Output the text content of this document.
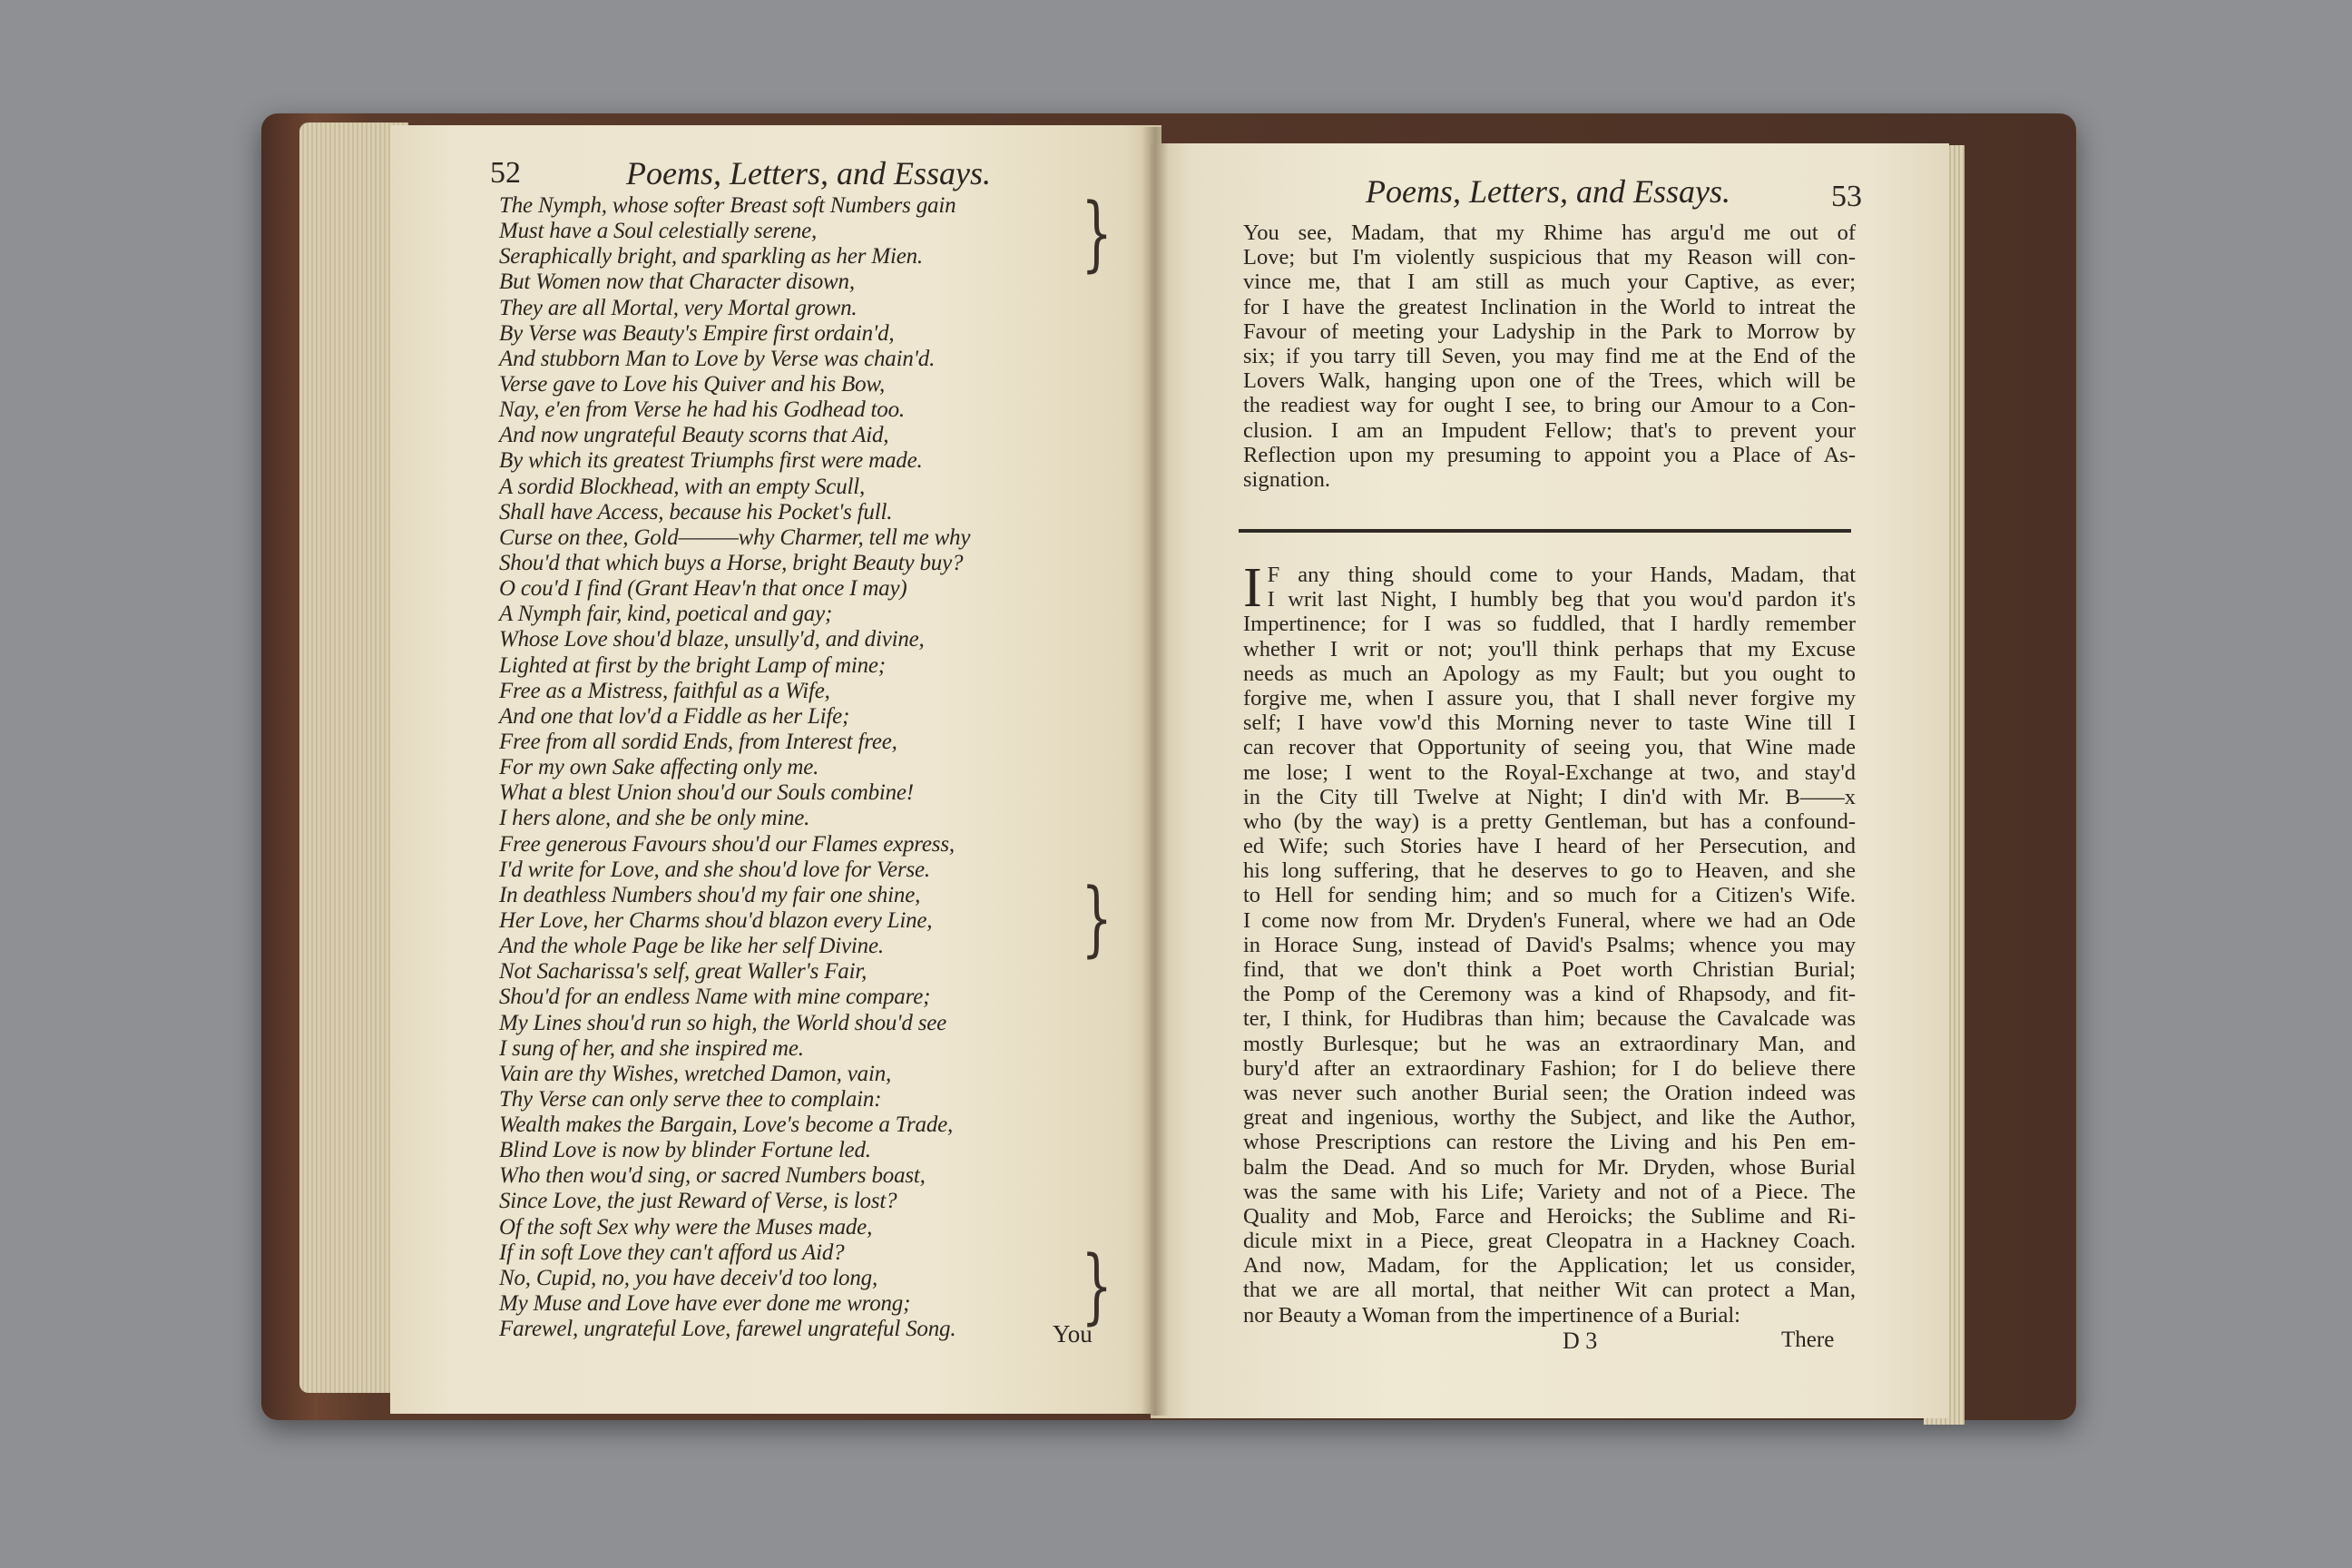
52	Poems, Letters, and Essays.
The Nymph, whose softer Breast soft Numbers gain
Must have a Soul celestially serene,
Seraphically bright, and sparkling as her Mien.
But Women now that Character disown,
They are all Mortal, very Mortal grown.
By Verse was Beauty's Empire first ordain'd,
And stubborn Man to Love by Verse was chain'd.
Verse gave to Love his Quiver and his Bow,
Nay, e'en from Verse he had his Godhead too.
And now ungrateful Beauty scorns that Aid,
By which its greatest Triumphs first were made.
A sordid Blockhead, with an empty Scull,
Shall have Access, because his Pocket's full.
Curse on thee, Gold———why Charmer, tell me why
Shou'd that which buys a Horse, bright Beauty buy?
O cou'd I find (Grant Heav'n that once I may)
A Nymph fair, kind, poetical and gay;
Whose Love shou'd blaze, unsully'd, and divine,
Lighted at first by the bright Lamp of mine;
Free as a Mistress, faithful as a Wife,
And one that lov'd a Fiddle as her Life;
Free from all sordid Ends, from Interest free,
For my own Sake affecting only me.
What a blest Union shou'd our Souls combine!
I hers alone, and she be only mine.
Free generous Favours shou'd our Flames express,
I'd write for Love, and she shou'd love for Verse.
In deathless Numbers shou'd my fair one shine,
Her Love, her Charms shou'd blazon every Line,
And the whole Page be like her self Divine.
Not Sacharissa's self, great Waller's Fair,
Shou'd for an endless Name with mine compare;
My Lines shou'd run so high, the World shou'd see
I sung of her, and she inspired me.
Vain are thy Wishes, wretched Damon, vain,
Thy Verse can only serve thee to complain:
Wealth makes the Bargain, Love's become a Trade,
Blind Love is now by blinder Fortune led.
Who then wou'd sing, or sacred Numbers boast,
Since Love, the just Reward of Verse, is lost?
Of the soft Sex why were the Muses made,
If in soft Love they can't afford us Aid?
No, Cupid, no, you have deceiv'd too long,
My Muse and Love have ever done me wrong;
Farewel, ungrateful Love, farewel ungrateful Song.
}
}
}
You
Poems, Letters, and Essays.	53
You see, Madam, that my Rhime has argu'd me out of
Love; but I'm violently suspicious that my Reason will con-
vince me, that I am still as much your Captive, as ever;
for I have the greatest Inclination in the World to intreat the
Favour of meeting your Ladyship in the Park to Morrow by
six; if you tarry till Seven, you may find me at the End of the
Lovers Walk, hanging upon one of the Trees, which will be
the readiest way for ought I see, to bring our Amour to a Con-
clusion. I am an Impudent Fellow; that's to prevent your
Reflection upon my presuming to appoint you a Place of As-
signation.
I F any thing should come to your Hands, Madam, that
I writ last Night, I humbly beg that you wou'd pardon it's
Impertinence; for I was so fuddled, that I hardly remember
whether I writ or not; you'll think perhaps that my Excuse
needs as much an Apology as my Fault; but you ought to
forgive me, when I assure you, that I shall never forgive my
self; I have vow'd this Morning never to taste Wine till I
can recover that Opportunity of seeing you, that Wine made
me lose; I went to the Royal-Exchange at two, and stay'd
in the City till Twelve at Night; I din'd with Mr. B——x
who (by the way) is a pretty Gentleman, but has a confound-
ed Wife; such Stories have I heard of her Persecution, and
his long suffering, that he deserves to go to Heaven, and she
to Hell for sending him; and so much for a Citizen's Wife.
I come now from Mr. Dryden's Funeral, where we had an Ode
in Horace Sung, instead of David's Psalms; whence you may
find, that we don't think a Poet worth Christian Burial;
the Pomp of the Ceremony was a kind of Rhapsody, and fit-
ter, I think, for Hudibras than him; because the Cavalcade was
mostly Burlesque; but he was an extraordinary Man, and
bury'd after an extraordinary Fashion; for I do believe there
was never such another Burial seen; the Oration indeed was
great and ingenious, worthy the Subject, and like the Author,
whose Prescriptions can restore the Living and his Pen em-
balm the Dead. And so much for Mr. Dryden, whose Burial
was the same with his Life; Variety and not of a Piece. The
Quality and Mob, Farce and Heroicks; the Sublime and Ri-
dicule mixt in a Piece, great Cleopatra in a Hackney Coach.
And now, Madam, for the Application; let us consider,
that we are all mortal, that neither Wit can protect a Man,
nor Beauty a Woman from the impertinence of a Burial:
D 3	There
